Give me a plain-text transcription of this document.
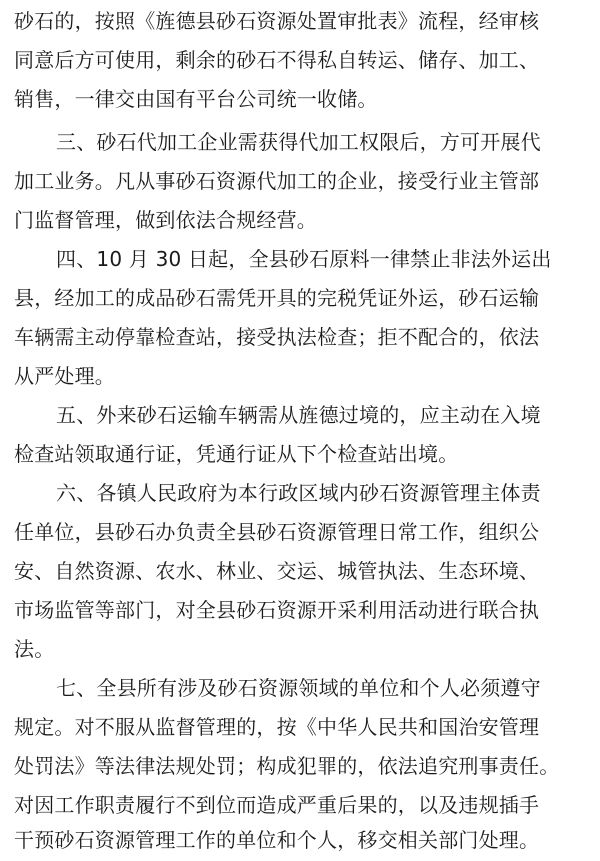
砂石的，按照《旌德县砂石资源处置审批表》流程，经审核
同意后方可使用，剩余的砂石不得私自转运、储存、加工、
销售，一律交由国有平台公司统一收储。
三、砂石代加工企业需获得代加工权限后，方可开展代
加工业务。凡从事砂石资源代加工的企业，接受行业主管部
门监督管理，做到依法合规经营。
四、10 月 30 日起，全县砂石原料一律禁止非法外运出
县，经加工的成品砂石需凭开具的完税凭证外运，砂石运输
车辆需主动停靠检查站，接受执法检查；拒不配合的，依法
从严处理。
五、外来砂石运输车辆需从旌德过境的，应主动在入境
检查站领取通行证，凭通行证从下个检查站出境。
六、各镇人民政府为本行政区域内砂石资源管理主体责
任单位，县砂石办负责全县砂石资源管理日常工作，组织公
安、自然资源、农水、林业、交运、城管执法、生态环境、
市场监管等部门，对全县砂石资源开采利用活动进行联合执
法。
七、全县所有涉及砂石资源领域的单位和个人必须遵守
规定。对不服从监督管理的，按《中华人民共和国治安管理
处罚法》等法律法规处罚；构成犯罪的，依法追究刑事责任。
对因工作职责履行不到位而造成严重后果的，以及违规插手
干预砂石资源管理工作的单位和个人，移交相关部门处理。
